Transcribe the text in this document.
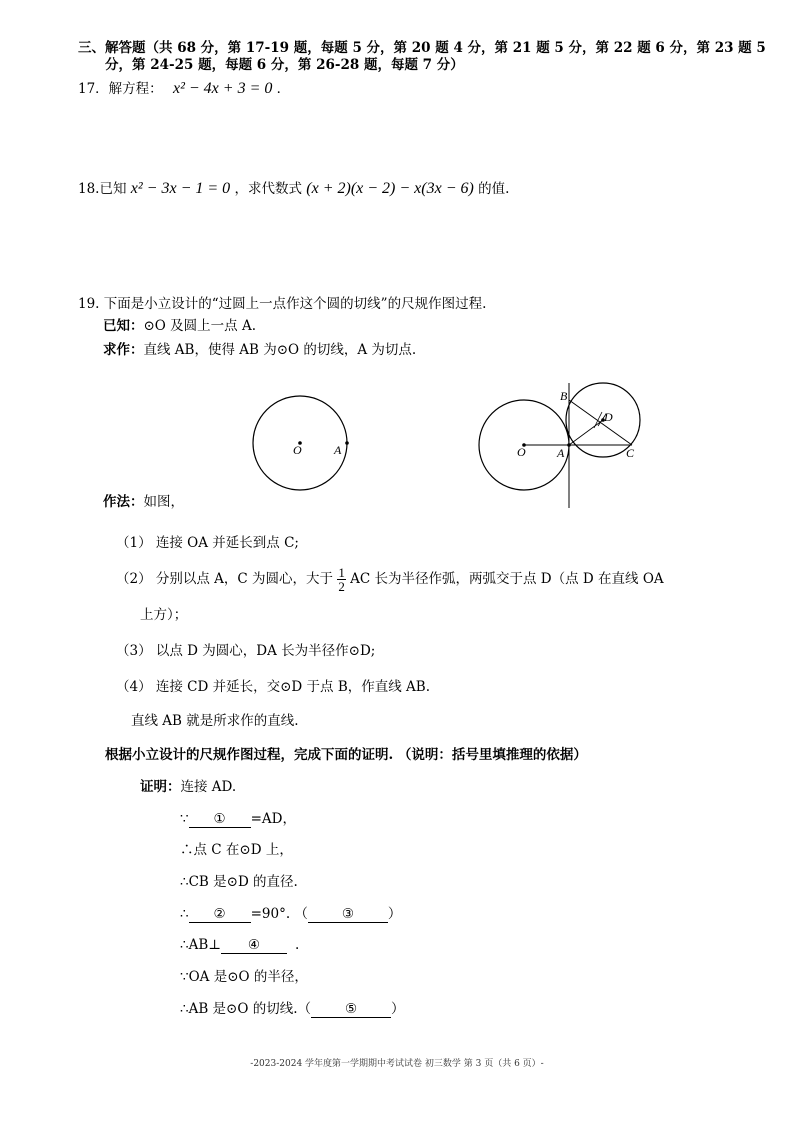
三、解答题（共 68 分，第 17-19 题，每题 5 分，第 20 题 4 分，第 21 题 5 分，第 22 题 6 分，第 23 题 5
分，第 24-25 题，每题 6 分，第 26-28 题，每题 7 分）
17．解方程： x² − 4x + 3 = 0 ．
18.已知 x² − 3x − 1 = 0 ，求代数式 (x + 2)(x − 2) − x(3x − 6) 的值.
19. 下面是小立设计的“过圆上一点作这个圆的切线”的尺规作图过程.
已知：⊙O 及圆上一点 A.
求作：直线 AB，使得 AB 为⊙O 的切线，A 为切点.
O	A	O	A
B
C
D
作法：如图，
（1） 连接 OA 并延长到点 C;
（2） 分别以点 A，C 为圆心，大于 $\frac{1}{2}$ AC 长为半径作弧，两弧交于点 D（点 D 在直线 OA
上方）；
（3） 以点 D 为圆心，DA 长为半径作⊙D;
（4） 连接 CD 并延长，交⊙D 于点 B，作直线 AB.
直线 AB 就是所求作的直线.
根据小立设计的尺规作图过程，完成下面的证明. （说明：括号里填推理的依据）
证明：连接 AD.
∵ ① =AD，
∴点 C 在⊙D 上，
∴CB 是⊙D 的直径.
∴ ② =90°. （	③	）
∴AB⊥ ④	.
∵OA 是⊙O 的半径，
∴AB 是⊙O 的切线.（	⑤	）
-2023-2024 学年度第一学期期中考试试卷 初三数学 第 3 页（共 6 页）-
